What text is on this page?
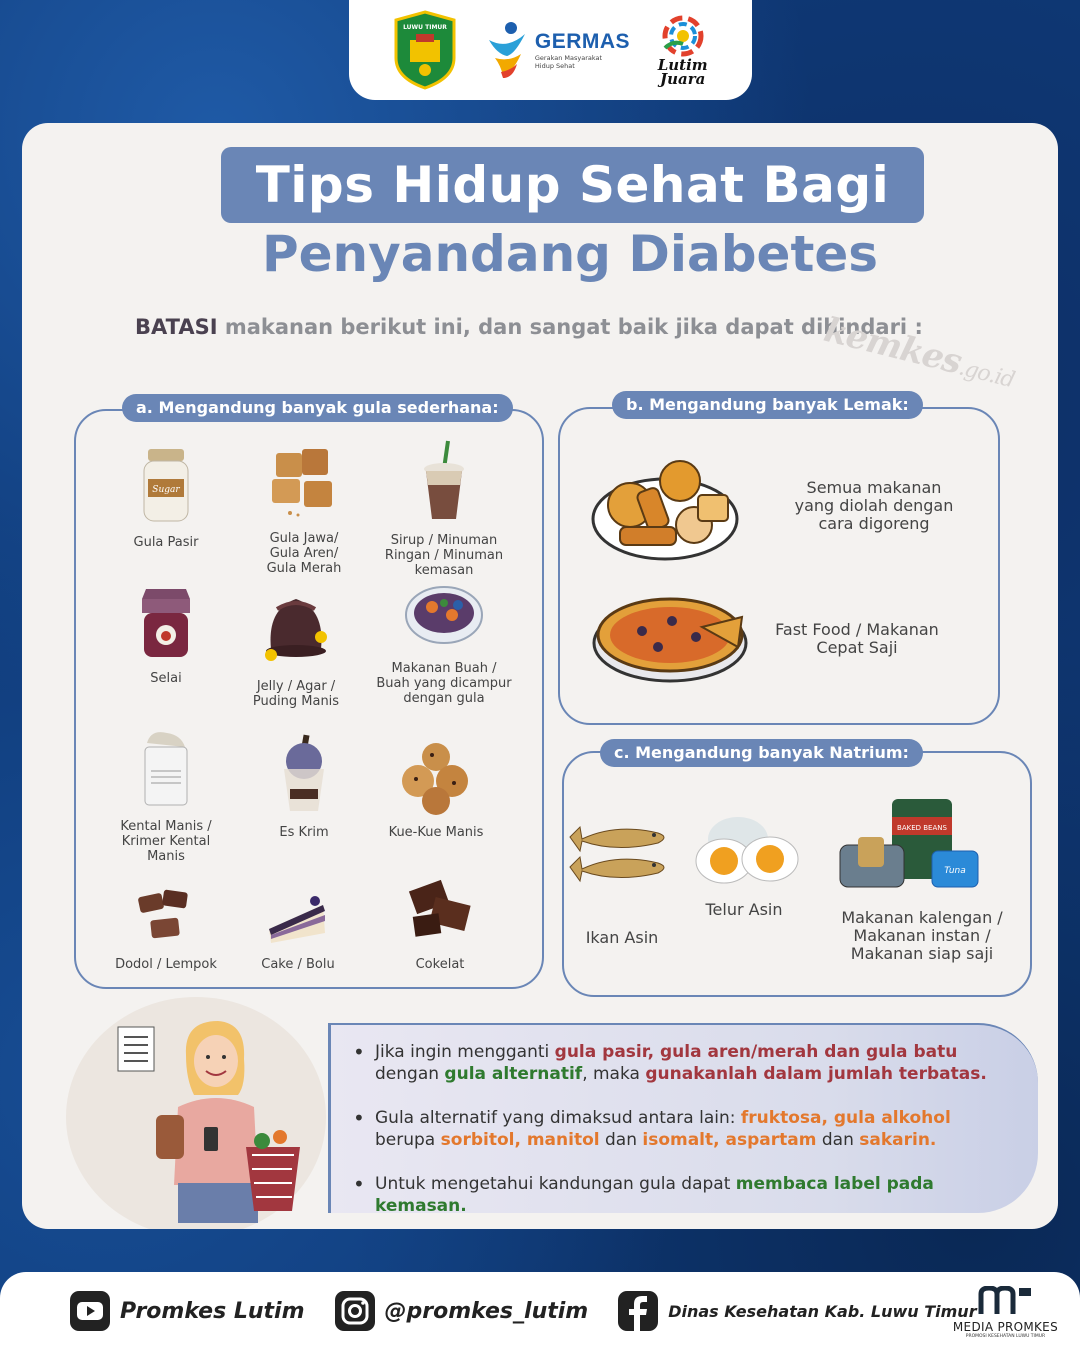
LUWU TIMUR
GERMAS
Gerakan Masyarakat Hidup Sehat	Lutim
Juara
Tips Hidup Sehat Bagi
Penyandang Diabetes
BATASI makanan berikut ini, dan sangat baik jika dapat dihindari :
kemkes.go.id
a. Mengandung banyak gula sederhana:
Sugar
Gula Pasir	Gula Jawa/
Gula Aren/
Gula Merah
Sirup / Minuman
Ringan / Minuman
kemasan
Selai
Jelly / Agar /
Puding Manis
Makanan Buah /
Buah yang dicampur
dengan gula
Kental Manis /
Krimer Kental
Manis
Es Krim	Kue-Kue Manis
Dodol / Lempok	Cake / Bolu	Cokelat
b. Mengandung banyak Lemak:
Semua makanan
yang diolah dengan
cara digoreng
Fast Food / Makanan
Cepat Saji
c. Mengandung banyak Natrium:
Ikan Asin
Telur Asin
BAKED BEANS
Tuna
Makanan kalengan /
Makanan instan /
Makanan siap saji
• Jika ingin mengganti gula pasir, gula aren/merah dan gula batu dengan gula alternatif, maka gunakanlah dalam jumlah terbatas.
• Gula alternatif yang dimaksud antara lain: fruktosa, gula alkohol berupa sorbitol, manitol dan isomalt, aspartam dan sakarin.
• Untuk mengetahui kandungan gula dapat membaca label pada kemasan.
Promkes Lutim	@promkes_lutim	Dinas Kesehatan Kab. Luwu Timur
MEDIA PROMKES
PROMOSI KESEHATAN LUWU TIMUR
